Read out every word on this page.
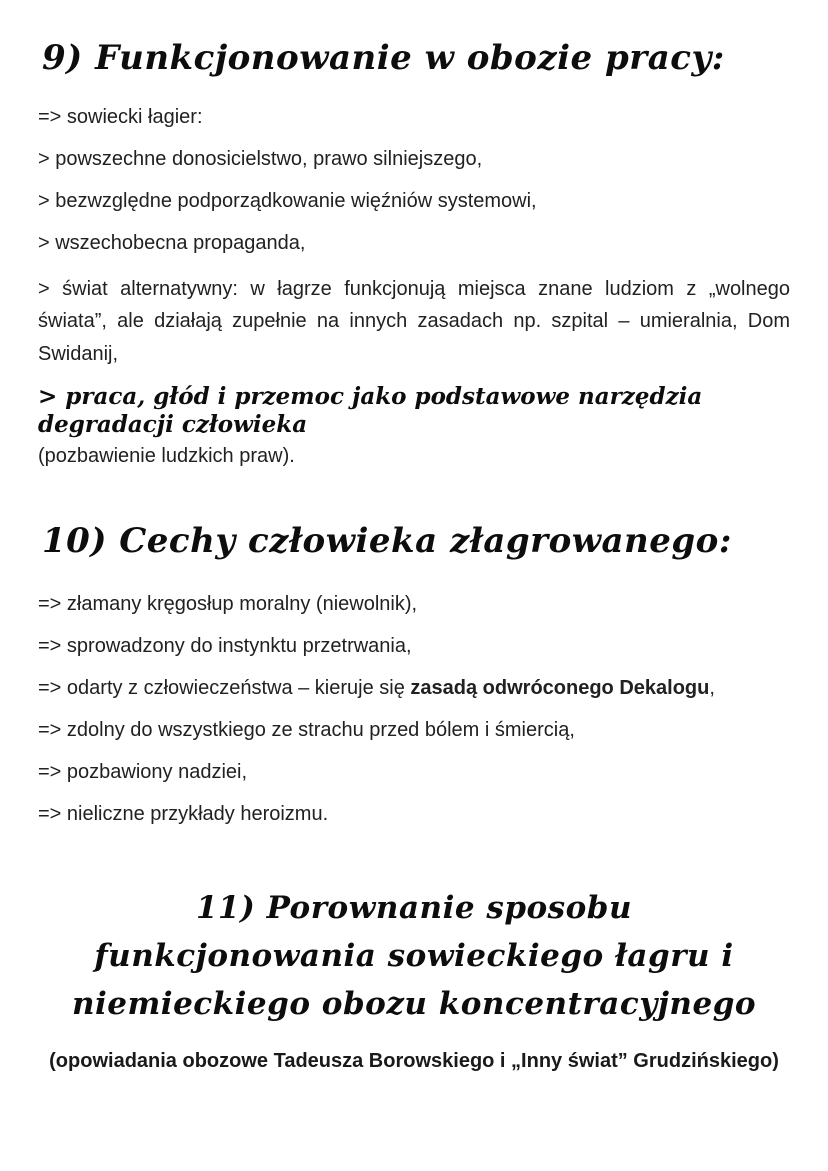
9) Funkcjonowanie w obozie pracy:

=> sowiecki łagier:

> powszechne donosicielstwo, prawo silniejszego,

> bezwzględne podporządkowanie więźniów systemowi,

> wszechobecna propaganda,

> świat alternatywny: w łagrze funkcjonują miejsca znane ludziom z „wolnego świata”, ale działają zupełnie na innych zasadach np. szpital – umieralnia, Dom Swidanij,

> praca, głód i przemoc jako podstawowe narzędzia degradacji człowieka

(pozbawienie ludzkich praw).

10) Cechy człowieka złagrowanego:

=> złamany kręgosłup moralny (niewolnik),

=> sprowadzony do instynktu przetrwania,

=> odarty z człowieczeństwa – kieruje się zasadą odwróconego Dekalogu,

=> zdolny do wszystkiego ze strachu przed bólem i śmiercią,

=> pozbawiony nadziei,

=> nieliczne przykłady heroizmu.

11) Porownanie sposobu funkcjonowania sowieckiego łagru i niemieckiego obozu koncentracyjnego

(opowiadania obozowe Tadeusza Borowskiego i „Inny świat” Grudzińskiego)
